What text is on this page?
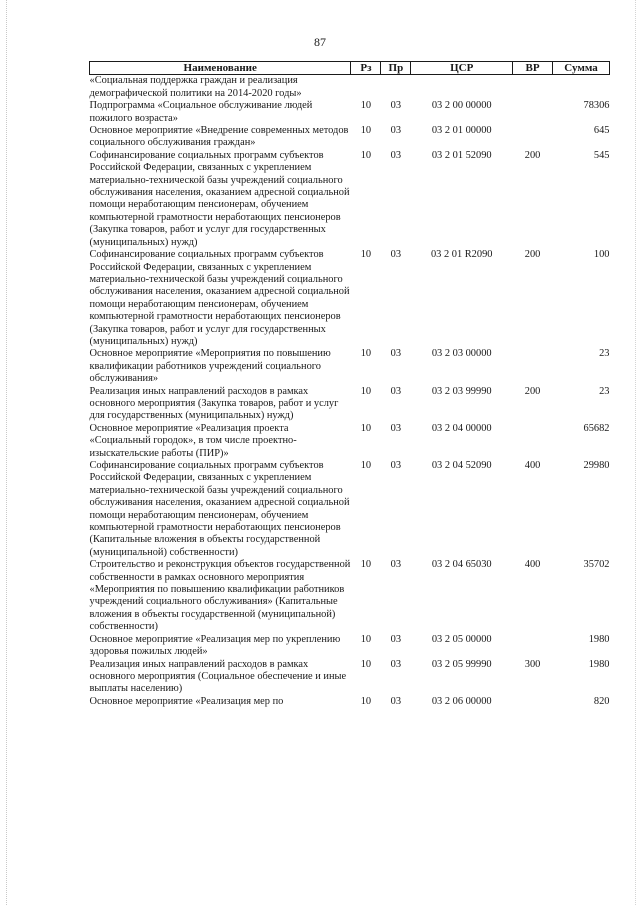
87
Наименование	Рз	Пр	ЦСР	ВР	Сумма
«Социальная поддержка граждан и реализация демографической политики на 2014-2020 годы»					
Подпрограмма «Социальное обслуживание людей пожилого возраста»	10	03	03 2 00 00000		78306
Основное мероприятие «Внедрение современных методов социального обслуживания граждан»	10	03	03 2 01 00000		645
Софинансирование социальных программ субъектов Российской Федерации, связанных с укреплением материально-технической базы учреждений социального обслуживания населения, оказанием адресной социальной помощи неработающим пенсионерам, обучением компьютерной грамотности неработающих пенсионеров (Закупка товаров, работ и услуг для государственных (муниципальных) нужд)	10	03	03 2 01 52090	200	545
Софинансирование социальных программ субъектов Российской Федерации, связанных с укреплением материально-технической базы учреждений социального обслуживания населения, оказанием адресной социальной помощи неработающим пенсионерам, обучением компьютерной грамотности неработающих пенсионеров (Закупка товаров, работ и услуг для государственных (муниципальных) нужд)	10	03	03 2 01 R2090	200	100
Основное мероприятие «Мероприятия по повышению квалификации работников учреждений социального обслуживания»	10	03	03 2 03 00000		23
Реализация иных направлений расходов в рамках основного мероприятия (Закупка товаров, работ и услуг для государственных (муниципальных) нужд)	10	03	03 2 03 99990	200	23
Основное мероприятие «Реализация проекта «Социальный городок», в том числе проектно-изыскательские работы (ПИР)»	10	03	03 2 04 00000		65682
Софинансирование социальных программ субъектов Российской Федерации, связанных с укреплением материально-технической базы учреждений социального обслуживания населения, оказанием адресной социальной помощи неработающим пенсионерам, обучением компьютерной грамотности неработающих пенсионеров (Капитальные вложения в объекты государственной (муниципальной) собственности)	10	03	03 2 04 52090	400	29980
Строительство и реконструкция объектов государственной собственности в рамках основного мероприятия «Мероприятия по повышению квалификации работников учреждений социального обслуживания» (Капитальные вложения в объекты государственной (муниципальной) собственности)	10	03	03 2 04 65030	400	35702
Основное мероприятие «Реализация мер по укреплению здоровья пожилых людей»	10	03	03 2 05 00000		1980
Реализация иных направлений расходов в рамках основного мероприятия (Социальное обеспечение и иные выплаты населению)	10	03	03 2 05 99990	300	1980
Основное мероприятие «Реализация мер по	10	03	03 2 06 00000		820
